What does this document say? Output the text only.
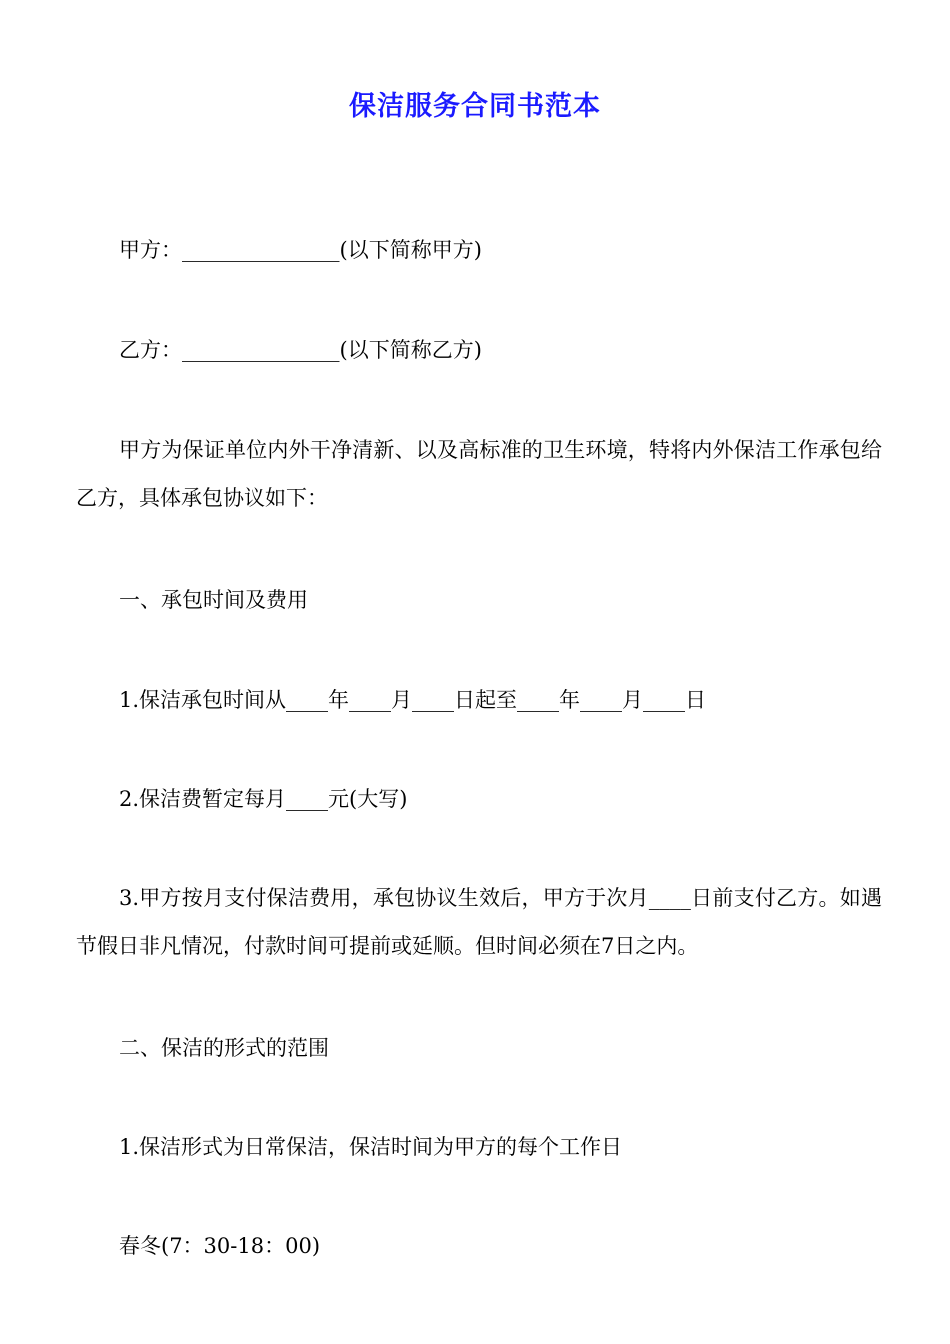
保洁服务合同书范本
甲方：_______________(以下简称甲方)
乙方：_______________(以下简称乙方)
甲方为保证单位内外干净清新、以及高标准的卫生环境，特将内外保洁工作承包给乙方，具体承包协议如下：
一、承包时间及费用
1.保洁承包时间从____年____月____日起至____年____月____日
2.保洁费暂定每月____元(大写)
3.甲方按月支付保洁费用，承包协议生效后，甲方于次月____日前支付乙方。如遇节假日非凡情况，付款时间可提前或延顺。但时间必须在7日之内。
二、保洁的形式的范围
1.保洁形式为日常保洁，保洁时间为甲方的每个工作日
春冬(7：30-18：00)
